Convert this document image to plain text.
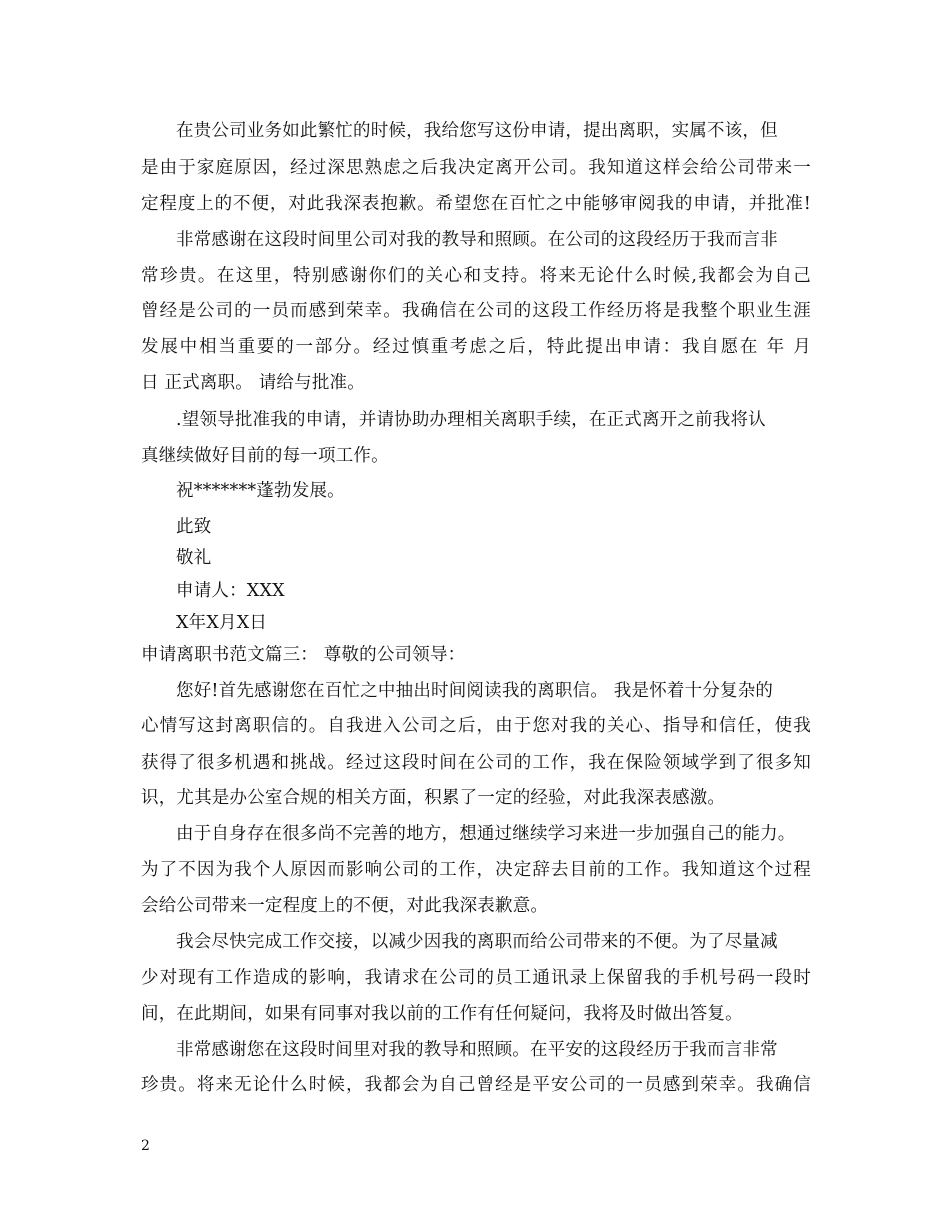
在贵公司业务如此繁忙的时候，我给您写这份申请，提出离职，实属不该，但
是由于家庭原因，经过深思熟虑之后我决定离开公司。我知道这样会给公司带来一
定程度上的不便，对此我深表抱歉。希望您在百忙之中能够审阅我的申请，并批准!
非常感谢在这段时间里公司对我的教导和照顾。在公司的这段经历于我而言非
常珍贵。在这里，特别感谢你们的关心和支持。将来无论什么时候,我都会为自己
曾经是公司的一员而感到荣幸。我确信在公司的这段工作经历将是我整个职业生涯
发展中相当重要的一部分。经过慎重考虑之后，特此提出申请：我自愿在 年 月
日 正式离职。 请给与批准。
.望领导批准我的申请，并请协助办理相关离职手续，在正式离开之前我将认
真继续做好目前的每一项工作。
祝*******蓬勃发展。
此致
敬礼
申请人：XXX
X年X月X日
申请离职书范文篇三： 尊敬的公司领导：
您好!首先感谢您在百忙之中抽出时间阅读我的离职信。 我是怀着十分复杂的
心情写这封离职信的。自我进入公司之后，由于您对我的关心、指导和信任，使我
获得了很多机遇和挑战。经过这段时间在公司的工作，我在保险领域学到了很多知
识，尤其是办公室合规的相关方面，积累了一定的经验，对此我深表感激。
由于自身存在很多尚不完善的地方，想通过继续学习来进一步加强自己的能力。
为了不因为我个人原因而影响公司的工作，决定辞去目前的工作。我知道这个过程
会给公司带来一定程度上的不便，对此我深表歉意。
我会尽快完成工作交接，以减少因我的离职而给公司带来的不便。为了尽量减
少对现有工作造成的影响，我请求在公司的员工通讯录上保留我的手机号码一段时
间，在此期间，如果有同事对我以前的工作有任何疑问，我将及时做出答复。
非常感谢您在这段时间里对我的教导和照顾。在平安的这段经历于我而言非常
珍贵。将来无论什么时候，我都会为自己曾经是平安公司的一员感到荣幸。我确信
2
